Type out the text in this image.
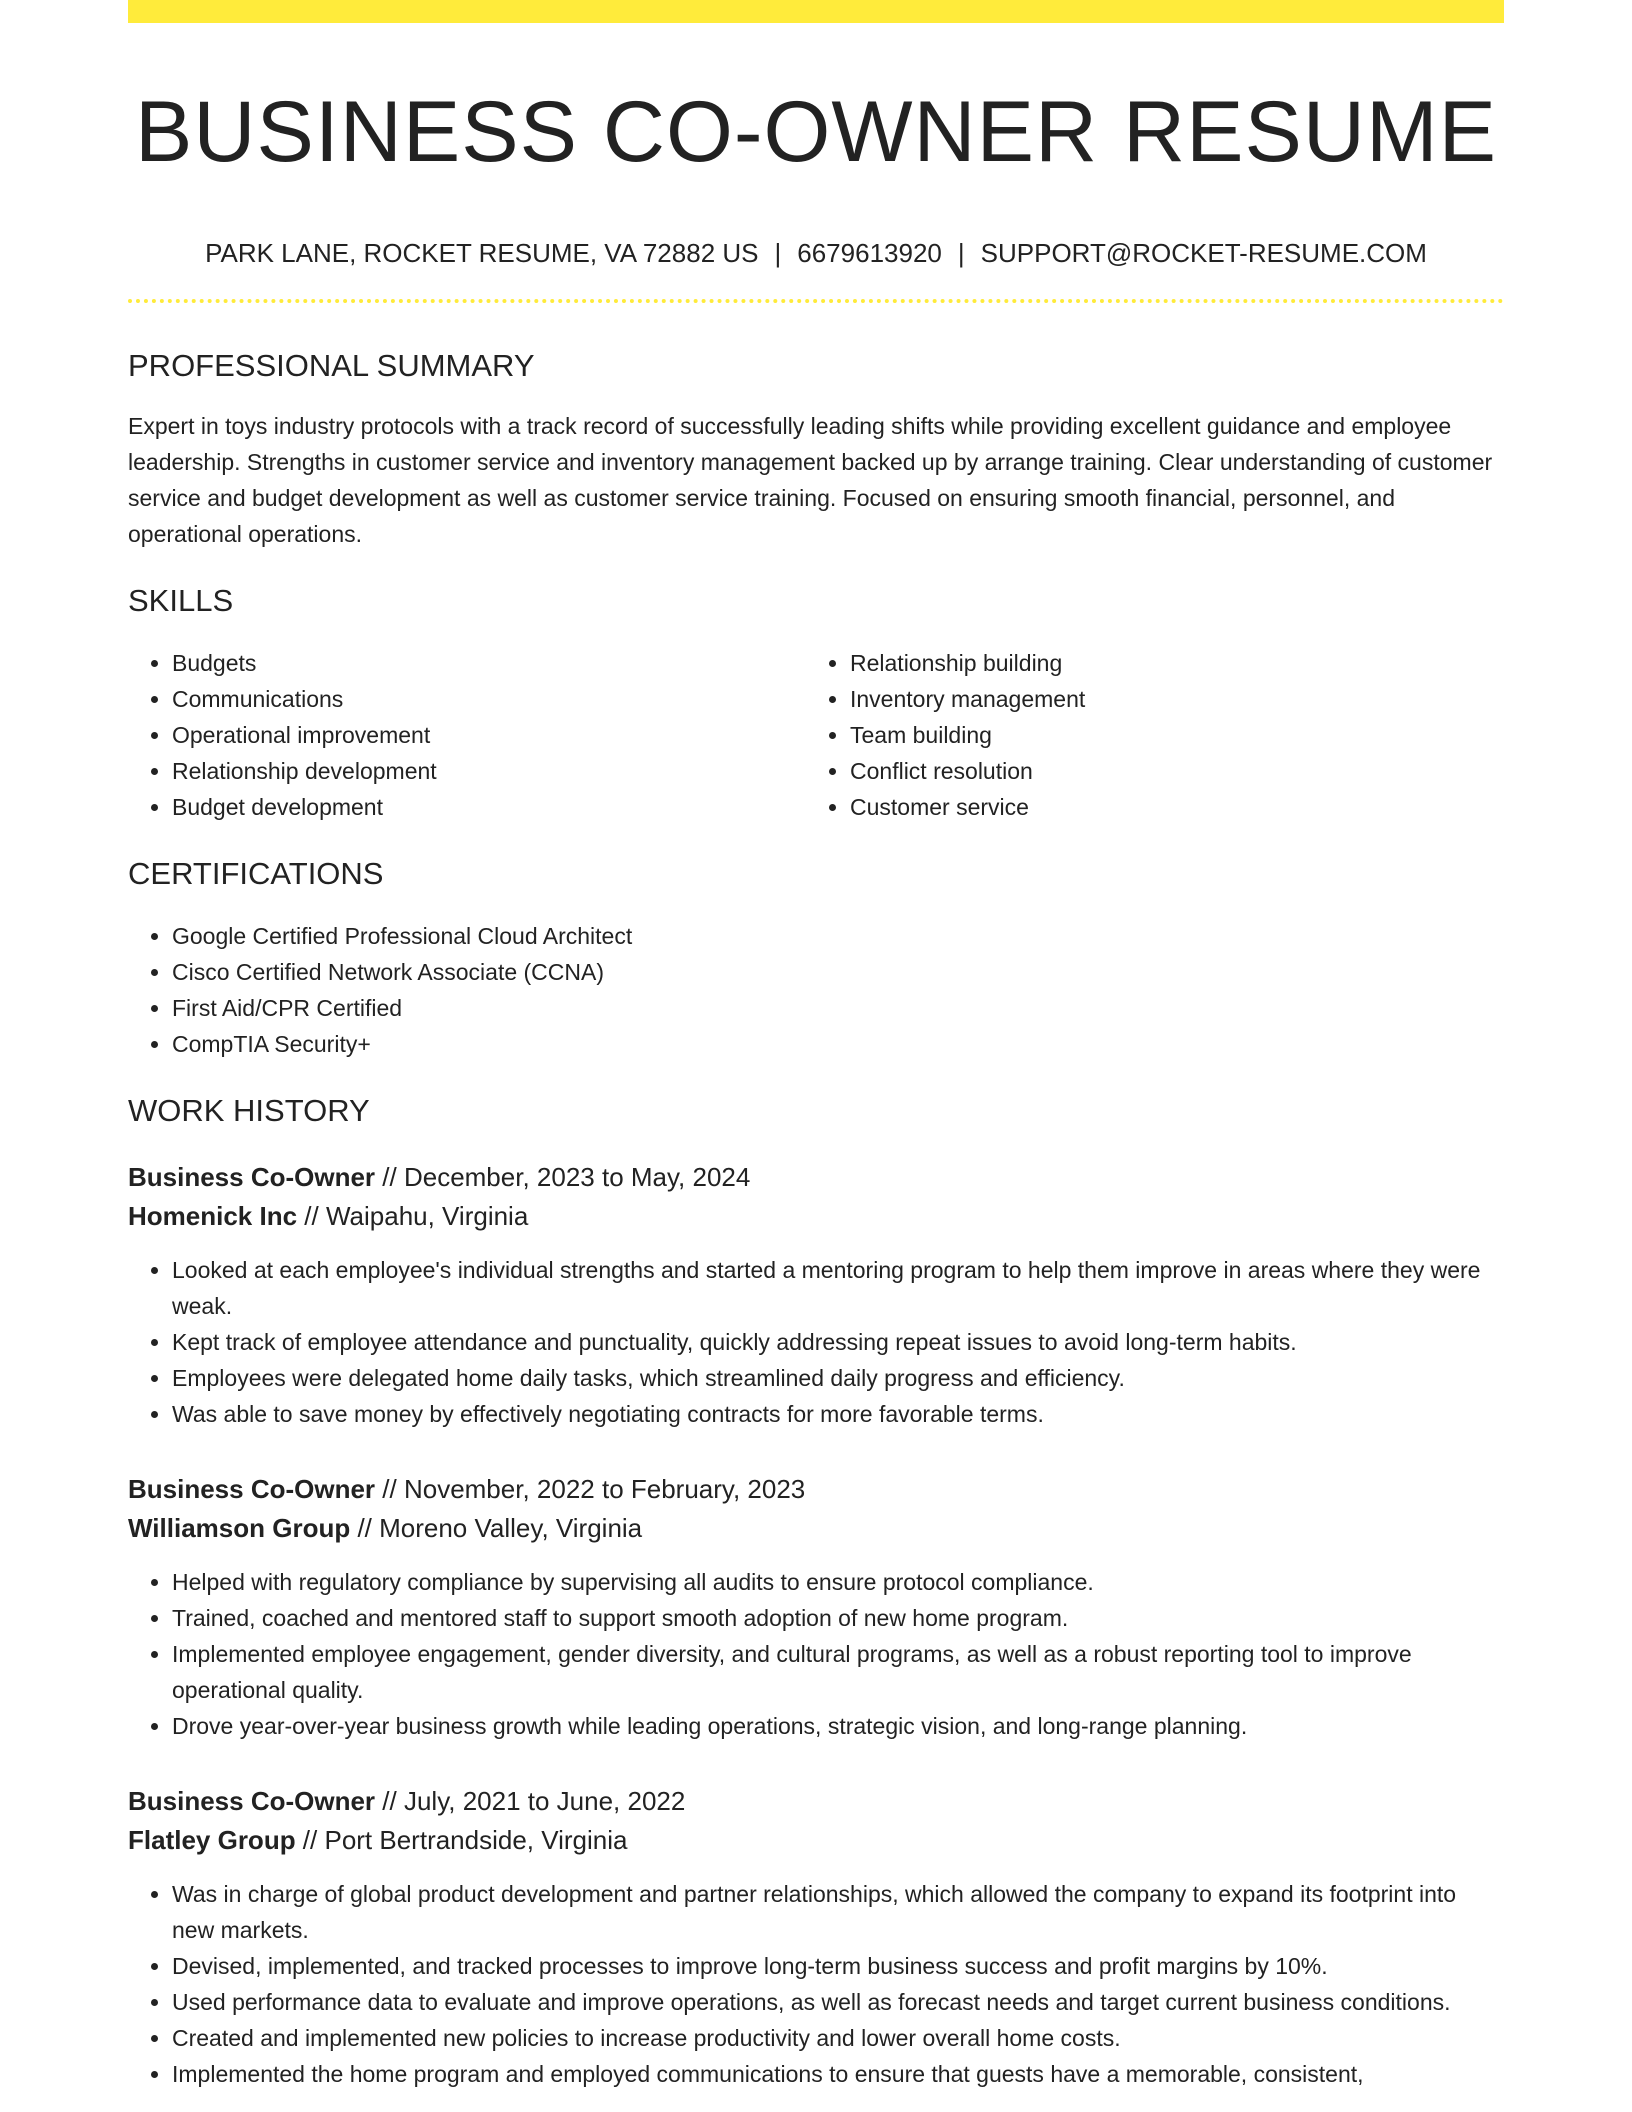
BUSINESS CO-OWNER RESUME
PARK LANE, ROCKET RESUME, VA 72882 US | 6679613920 | SUPPORT@ROCKET-RESUME.COM
PROFESSIONAL SUMMARY

Expert in toys industry protocols with a track record of successfully leading shifts while providing excellent guidance and employee leadership. Strengths in customer service and inventory management backed up by arrange training. Clear understanding of customer service and budget development as well as customer service training. Focused on ensuring smooth financial, personnel, and operational operations.

SKILLS
• Budgets
• Communications
• Operational improvement
• Relationship development
• Budget development
• Relationship building
• Inventory management
• Team building
• Conflict resolution
• Customer service
CERTIFICATIONS
• Google Certified Professional Cloud Architect
• Cisco Certified Network Associate (CCNA)
• First Aid/CPR Certified
• CompTIA Security+
WORK HISTORY
Business Co-Owner // December, 2023 to May, 2024
Homenick Inc // Waipahu, Virginia
• Looked at each employee's individual strengths and started a mentoring program to help them improve in areas where they were weak.
• Kept track of employee attendance and punctuality, quickly addressing repeat issues to avoid long-term habits.
• Employees were delegated home daily tasks, which streamlined daily progress and efficiency.
• Was able to save money by effectively negotiating contracts for more favorable terms.
Business Co-Owner // November, 2022 to February, 2023
Williamson Group // Moreno Valley, Virginia
• Helped with regulatory compliance by supervising all audits to ensure protocol compliance.
• Trained, coached and mentored staff to support smooth adoption of new home program.
• Implemented employee engagement, gender diversity, and cultural programs, as well as a robust reporting tool to improve operational quality.
• Drove year-over-year business growth while leading operations, strategic vision, and long-range planning.
Business Co-Owner // July, 2021 to June, 2022
Flatley Group // Port Bertrandside, Virginia
• Was in charge of global product development and partner relationships, which allowed the company to expand its footprint into new markets.
• Devised, implemented, and tracked processes to improve long-term business success and profit margins by 10%.
• Used performance data to evaluate and improve operations, as well as forecast needs and target current business conditions.
• Created and implemented new policies to increase productivity and lower overall home costs.
• Implemented the home program and employed communications to ensure that guests have a memorable, consistent,
